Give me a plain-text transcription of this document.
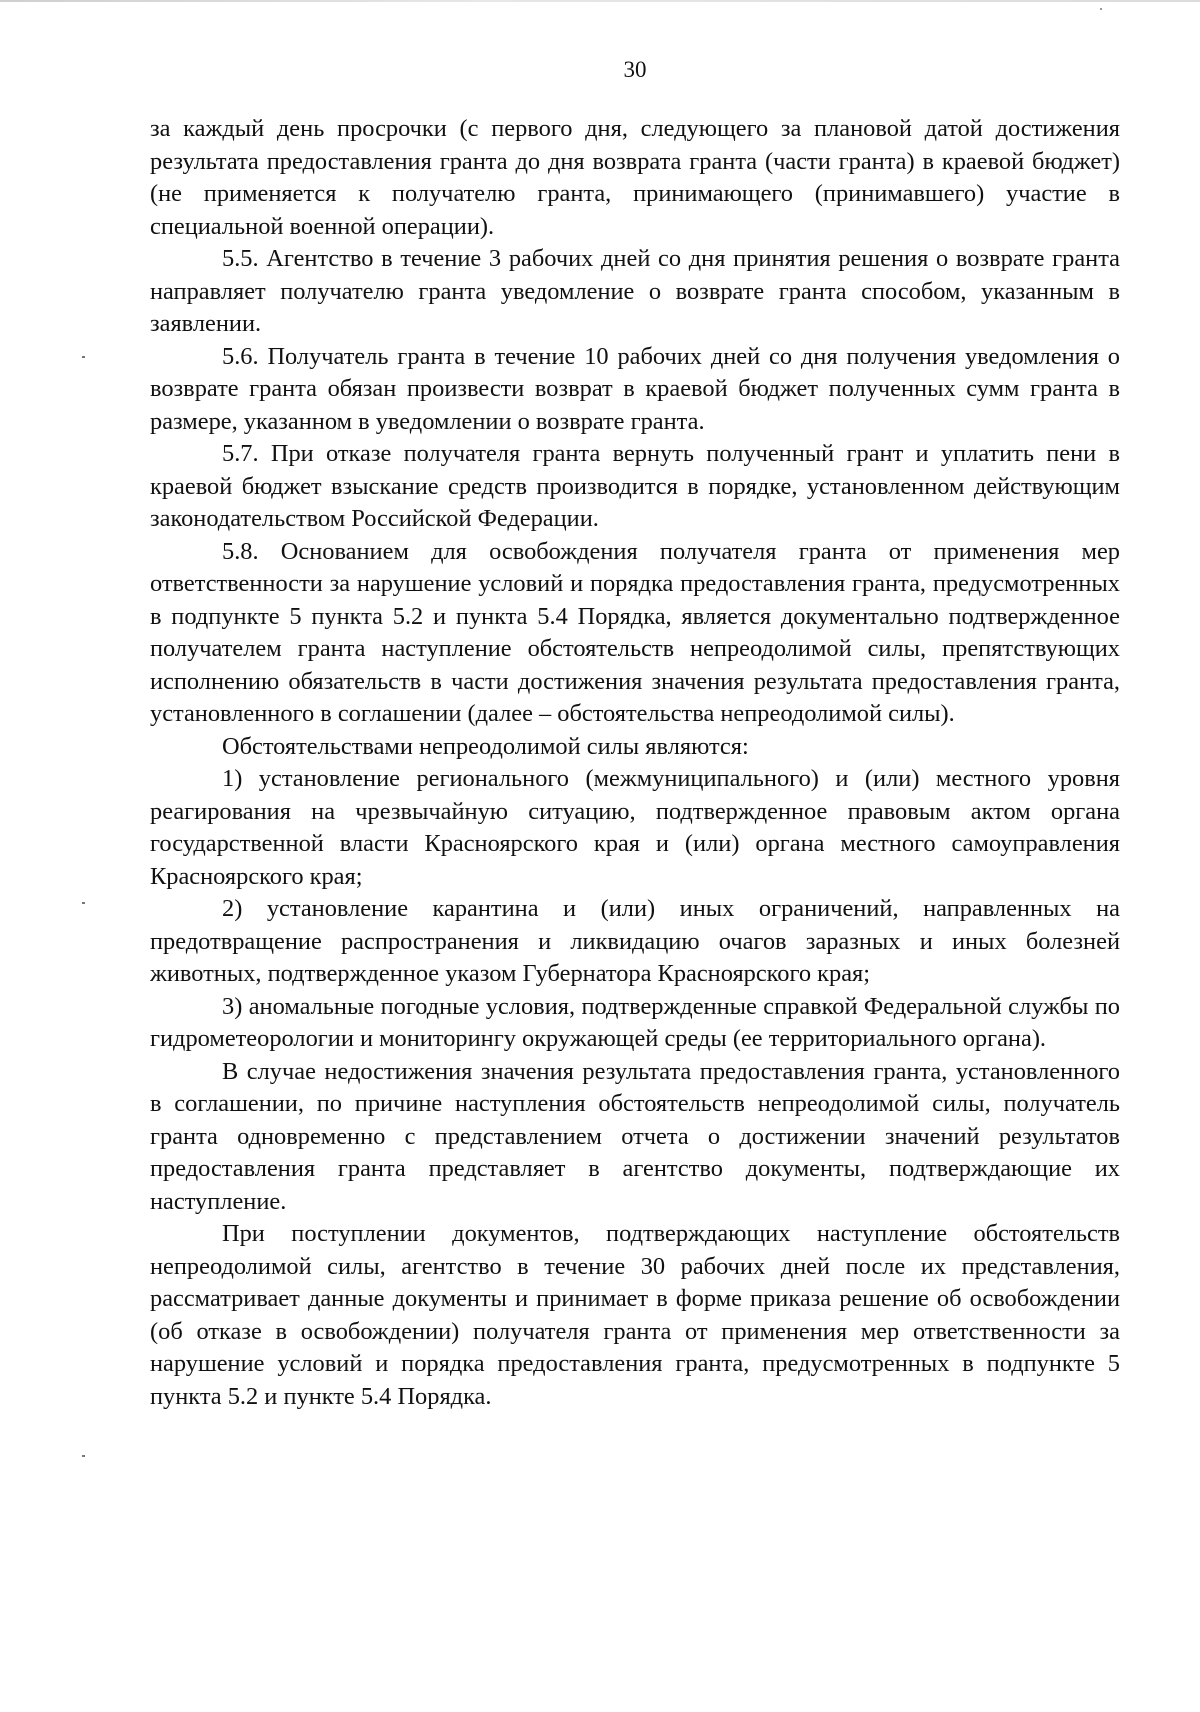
30

за каждый день просрочки (с первого дня, следующего за плановой датой достижения результата предоставления гранта до дня возврата гранта (части гранта) в краевой бюджет) (не применяется к получателю гранта, принимающего (принимавшего) участие в специальной военной операции).

5.5. Агентство в течение 3 рабочих дней со дня принятия решения о возврате гранта направляет получателю гранта уведомление о возврате гранта способом, указанным в заявлении.

5.6. Получатель гранта в течение 10 рабочих дней со дня получения уведомления о возврате гранта обязан произвести возврат в краевой бюджет полученных сумм гранта в размере, указанном в уведомлении о возврате гранта.

5.7. При отказе получателя гранта вернуть полученный грант и уплатить пени в краевой бюджет взыскание средств производится в порядке, установленном действующим законодательством Российской Федерации.

5.8. Основанием для освобождения получателя гранта от применения мер ответственности за нарушение условий и порядка предоставления гранта, предусмотренных в подпункте 5 пункта 5.2 и пункта 5.4 Порядка, является документально подтвержденное получателем гранта наступление обстоятельств непреодолимой силы, препятствующих исполнению обязательств в части достижения значения результата предоставления гранта, установленного в соглашении (далее – обстоятельства непреодолимой силы).

Обстоятельствами непреодолимой силы являются:

1) установление регионального (межмуниципального) и (или) местного уровня реагирования на чрезвычайную ситуацию, подтвержденное правовым актом органа государственной власти Красноярского края и (или) органа местного самоуправления Красноярского края;

2) установление карантина и (или) иных ограничений, направленных на предотвращение распространения и ликвидацию очагов заразных и иных болезней животных, подтвержденное указом Губернатора Красноярского края;

3) аномальные погодные условия, подтвержденные справкой Федеральной службы по гидрометеорологии и мониторингу окружающей среды (ее территориального органа).

В случае недостижения значения результата предоставления гранта, установленного в соглашении, по причине наступления обстоятельств непреодолимой силы, получатель гранта одновременно с представлением отчета о достижении значений результатов предоставления гранта представляет в агентство документы, подтверждающие их наступление.

При поступлении документов, подтверждающих наступление обстоятельств непреодолимой силы, агентство в течение 30 рабочих дней после их представления, рассматривает данные документы и принимает в форме приказа решение об освобождении (об отказе в освобождении) получателя гранта от применения мер ответственности за нарушение условий и порядка предоставления гранта, предусмотренных в подпункте 5 пункта 5.2 и пункте 5.4 Порядка.
